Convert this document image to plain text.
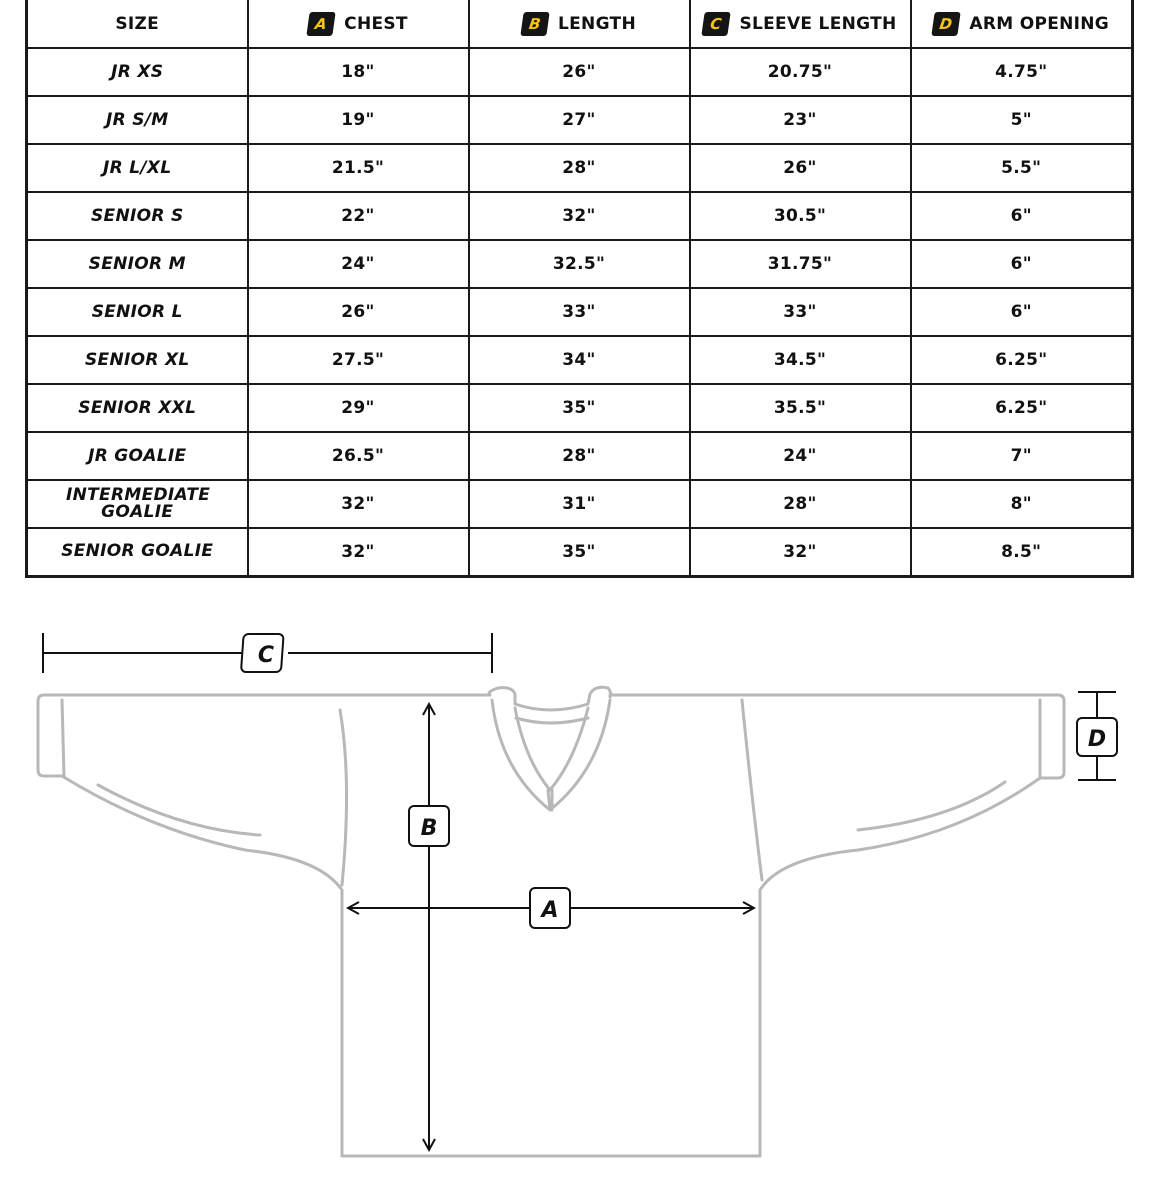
SIZE	A CHEST	B LENGTH	C SLEEVE LENGTH	D ARM OPENING

JR XS	18"	26"	20.75"	4.75"
JR S/M	19"	27"	23"	5"
JR L/XL	21.5"	28"	26"	5.5"
SENIOR S	22"	32"	30.5"	6"
SENIOR M	24"	32.5"	31.75"	6"
SENIOR L	26"	33"	33"	6"
SENIOR XL	27.5"	34"	34.5"	6.25"
SENIOR XXL	29"	35"	35.5"	6.25"
JR GOALIE	26.5"	28"	24"	7"
INTERMEDIATE GOALIE	32"	31"	28"	8"
SENIOR GOALIE	32"	35"	32"	8.5"
C
B
A
D
